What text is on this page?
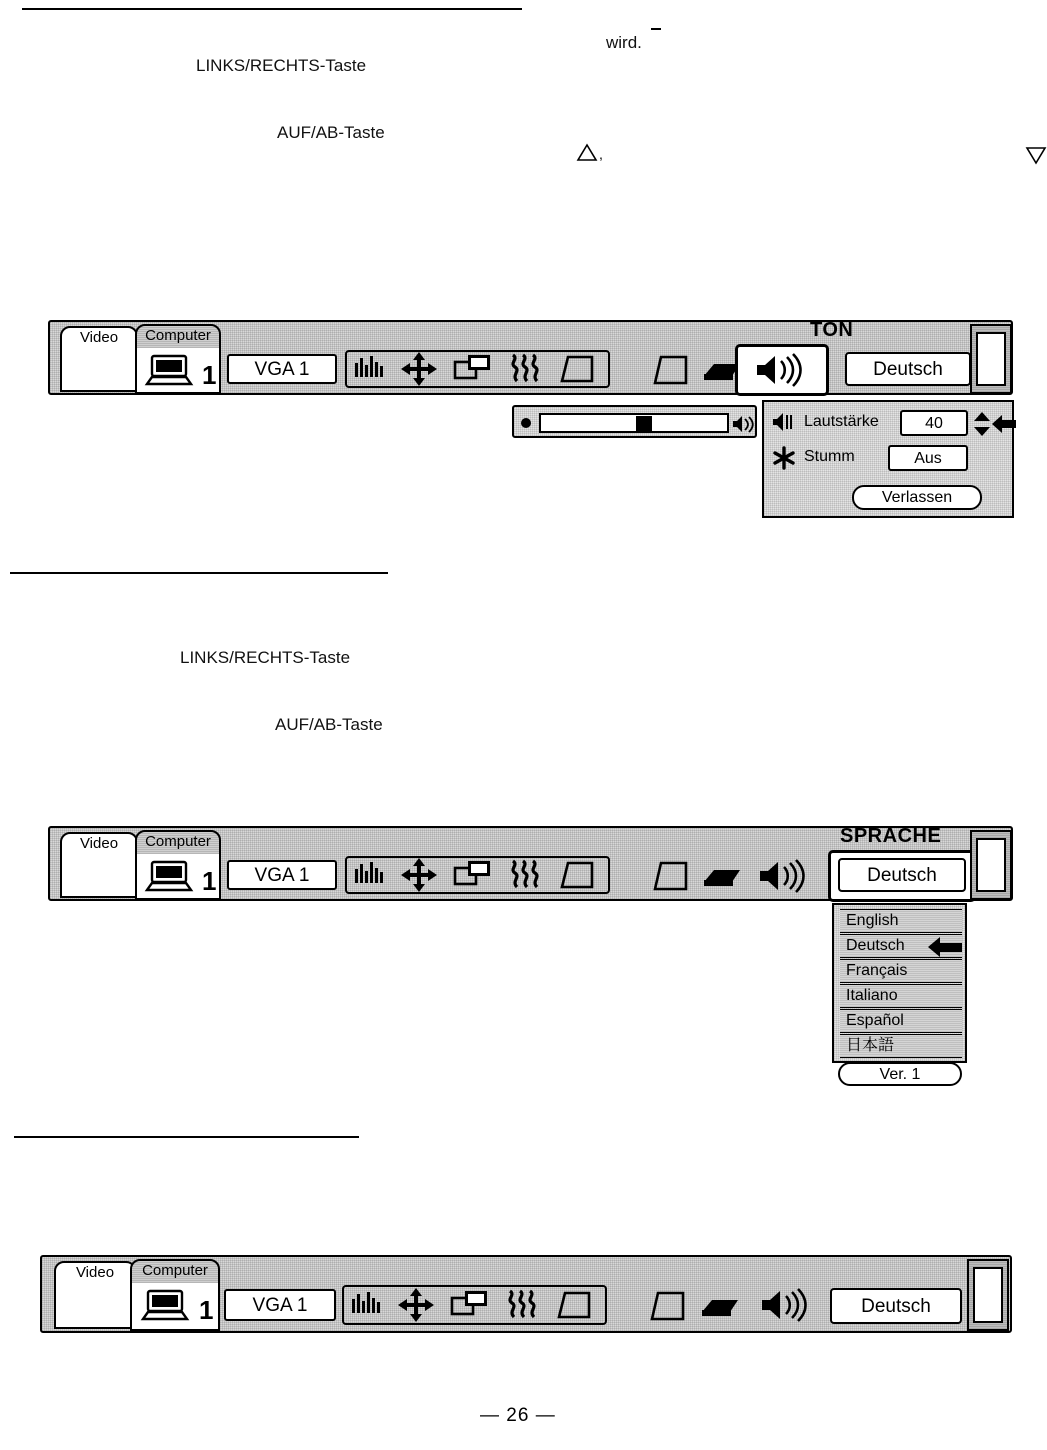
wird.
LINKS/RECHTS-Taste
AUF/AB-Taste
,
Video	Computer
1	VGA 1
TON
Deutsch
Lautstärke	40
Stumm	Aus
Verlassen
LINKS/RECHTS-Taste
AUF/AB-Taste
Video	Computer
1	VGA 1
SPRACHE
Deutsch
English
Deutsch
Français
Italiano
Español
日本語
Ver. 1
Video	Computer
1	VGA 1	Deutsch
— 26 —
